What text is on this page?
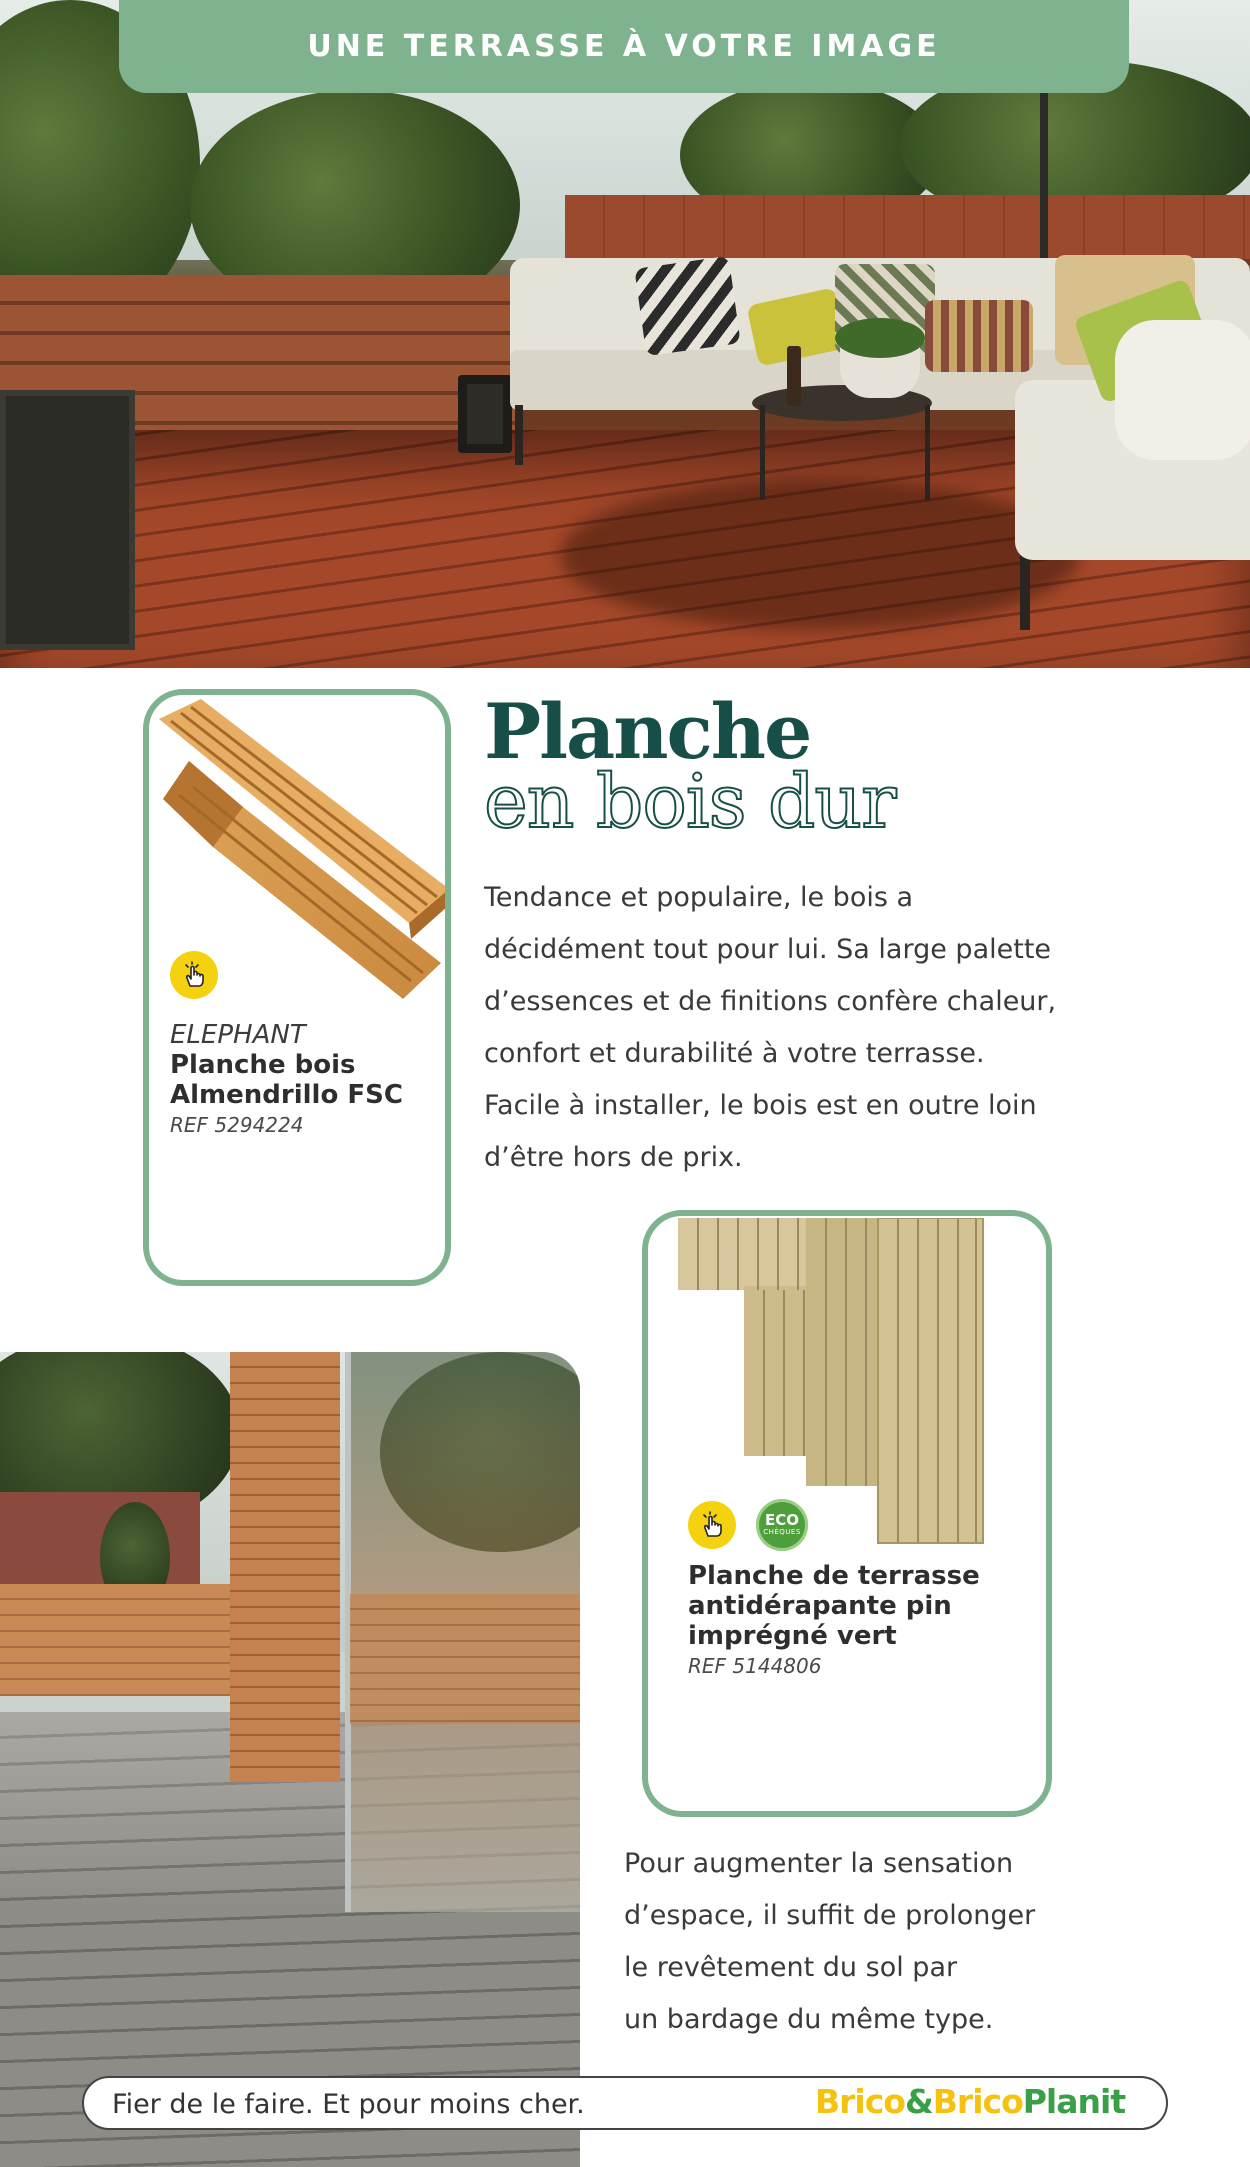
UNE TERRASSE À VOTRE IMAGE
ELEPHANT
Planche bois
Almendrillo FSC
REF 5294224
Planche
en bois dur
Tendance et populaire, le bois a
décidément tout pour lui. Sa large palette
d’essences et de finitions confère chaleur,
confort et durabilité à votre terrasse.
Facile à installer, le bois est en outre loin
d’être hors de prix.
ECO
CHÈQUES
Planche de terrasse
antidérapante pin
imprégné vert
REF 5144806
Pour augmenter la sensation
d’espace, il suffit de prolonger
le revêtement du sol par
un bardage du même type.
Fier de le faire. Et pour moins cher.	Brico&BricoPlanit
